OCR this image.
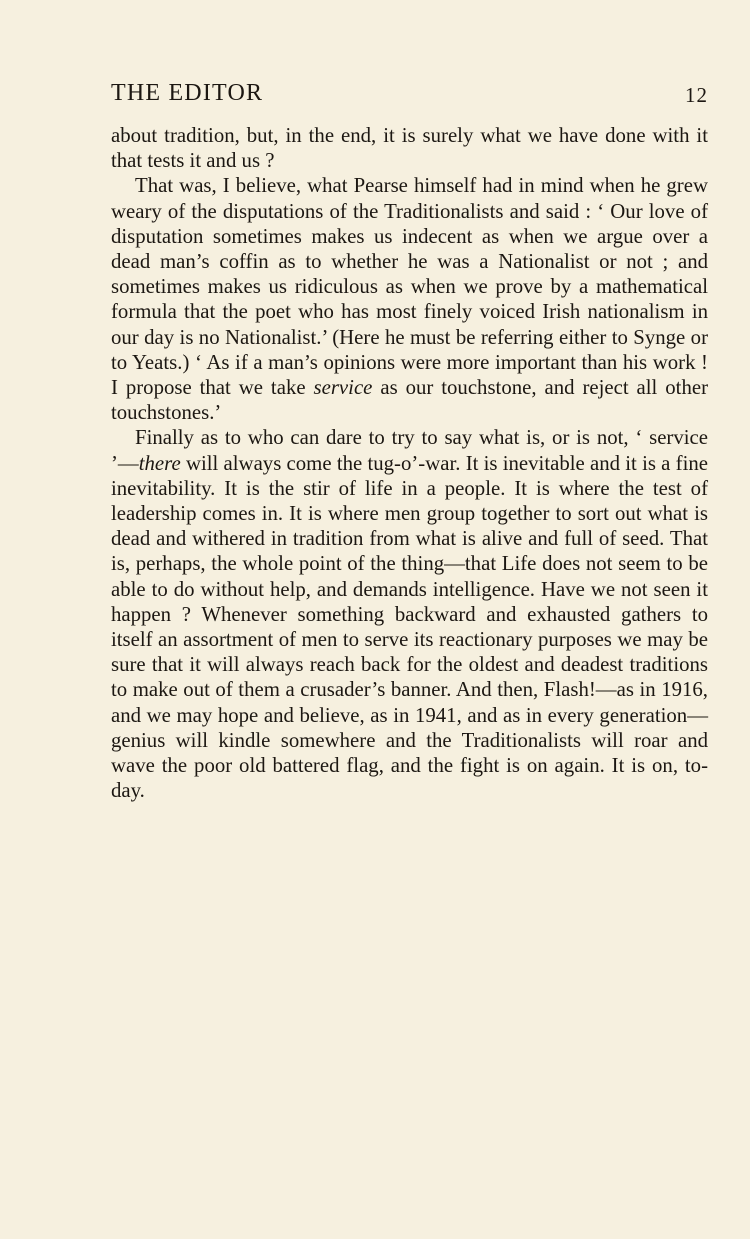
THE EDITOR	12

about tradition, but, in the end, it is surely what we have done with it that tests it and us ?

That was, I believe, what Pearse himself had in mind when he grew weary of the disputations of the Traditionalists and said : ‘ Our love of disputation sometimes makes us indecent as when we argue over a dead man’s coffin as to whether he was a Nationalist or not ; and sometimes makes us ridiculous as when we prove by a mathematical formula that the poet who has most finely voiced Irish nationalism in our day is no Nationalist.’ (Here he must be referring either to Synge or to Yeats.) ‘ As if a man’s opinions were more important than his work ! I propose that we take service as our touchstone, and reject all other touchstones.’

Finally as to who can dare to try to say what is, or is not, ‘ service ’—there will always come the tug-o’-war. It is inevitable and it is a fine inevitability. It is the stir of life in a people. It is where the test of leadership comes in. It is where men group together to sort out what is dead and withered in tradition from what is alive and full of seed. That is, perhaps, the whole point of the thing—that Life does not seem to be able to do without help, and demands intelligence. Have we not seen it happen ? Whenever something backward and exhausted gathers to itself an assortment of men to serve its reactionary purposes we may be sure that it will always reach back for the oldest and deadest traditions to make out of them a crusader’s banner. And then, Flash!—as in 1916, and we may hope and believe, as in 1941, and as in every generation—genius will kindle somewhere and the Traditionalists will roar and wave the poor old battered flag, and the fight is on again. It is on, to-day.
